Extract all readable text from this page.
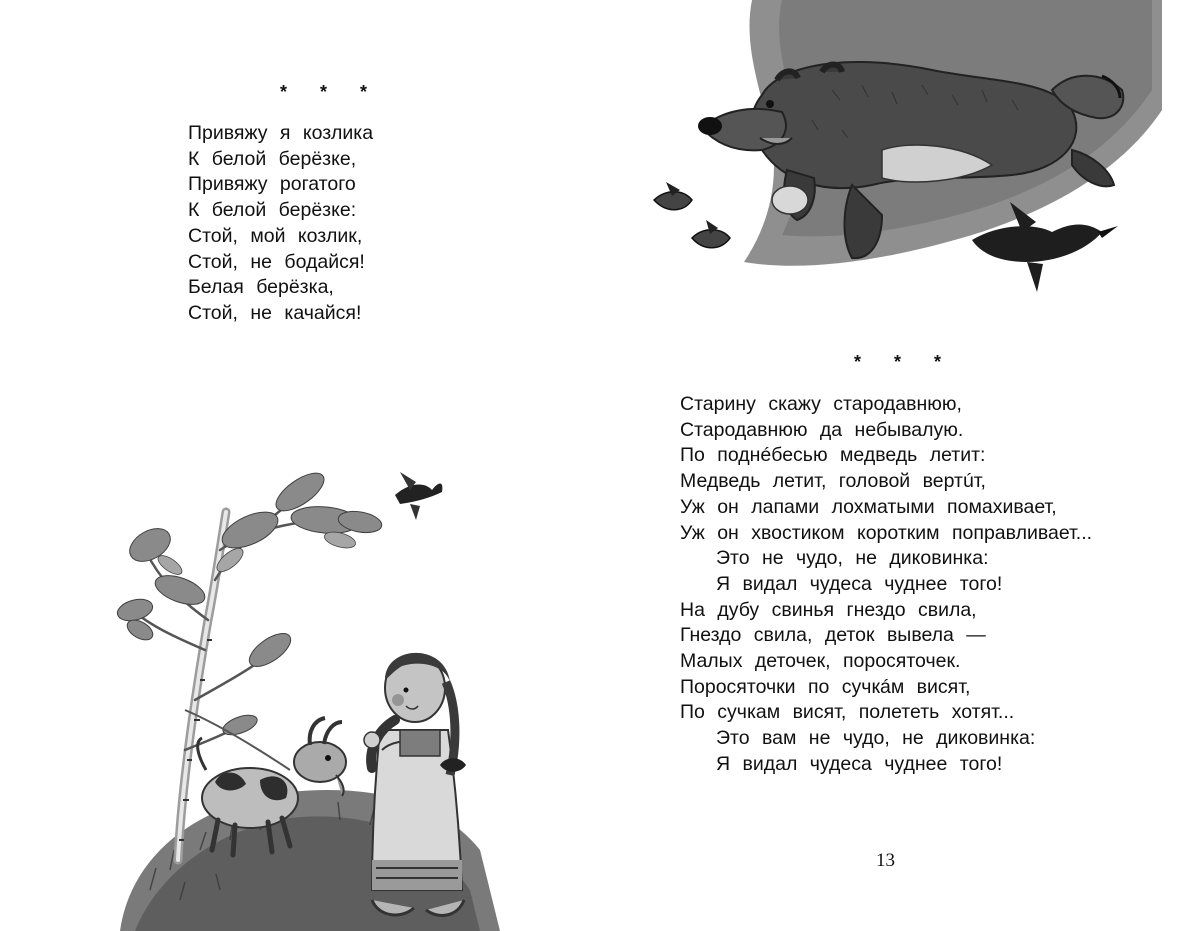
* * *
Привяжу я козлика
К белой берёзке,
Привяжу рогатого
К белой берёзке:
Стой, мой козлик,
Стой, не бодайся!
Белая берёзка,
Стой, не качайся!
* * *
Старину скажу стародавнюю,
Стародавнюю да небывалую.
По поднéбесью медведь летит:
Медведь летит, головой вертúт,
Уж он лапами лохматыми помахивает,
Уж он хвостиком коротким поправливает...
Это не чудо, не диковинка:
Я видал чудеса чуднее того!
На дубу свинья гнездо свила,
Гнездо свила, деток вывела —
Малых деточек, поросяточек.
Поросяточки по сучкáм висят,
По сучкам висят, полететь хотят...
Это вам не чудо, не диковинка:
Я видал чудеса чуднее того!
13
